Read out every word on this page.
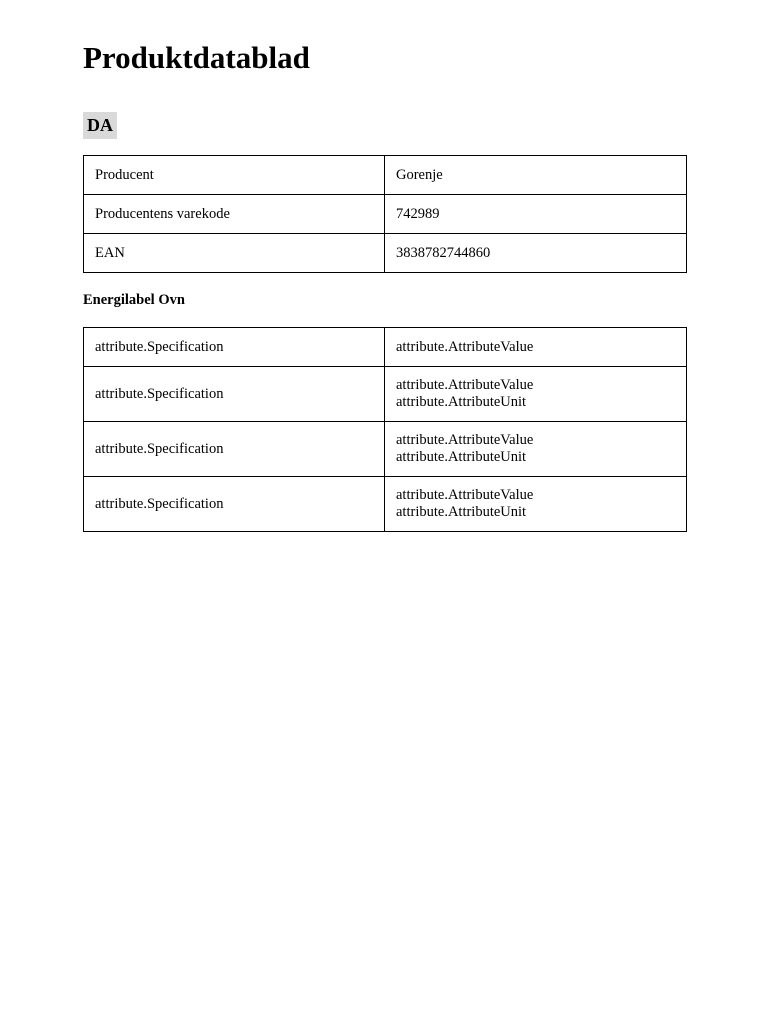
Produktdatablad
DA
Producent	Gorenje
Producentens varekode	742989
EAN	3838782744860
Energilabel Ovn
attribute.Specification	attribute.AttributeValue

attribute.Specification	attribute.AttributeValue
attribute.AttributeUnit

attribute.Specification	attribute.AttributeValue
attribute.AttributeUnit

attribute.Specification	attribute.AttributeValue
attribute.AttributeUnit
